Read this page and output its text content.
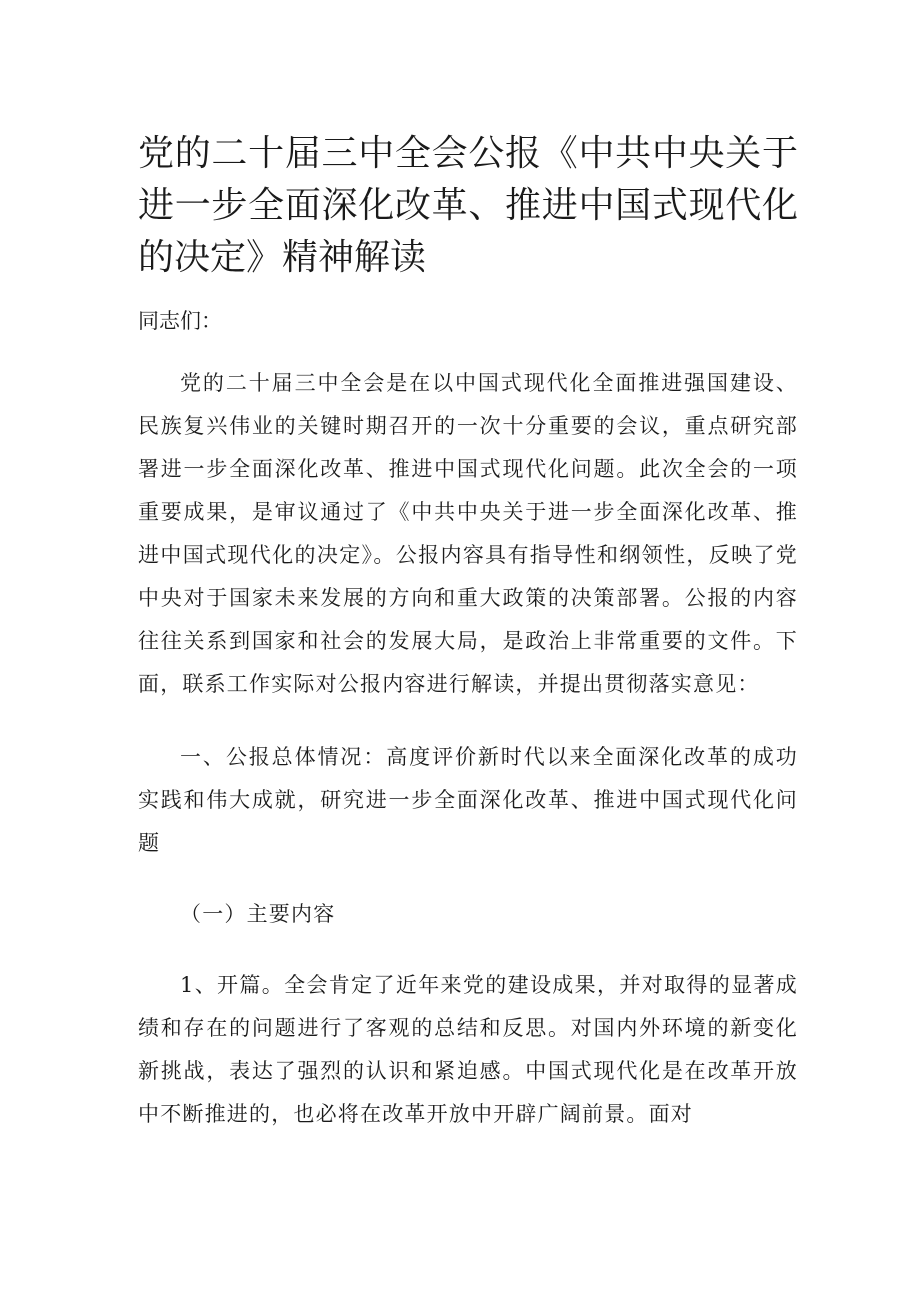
党的二十届三中全会公报《中共中央关于进一步全面深化改革、推进中国式现代化的决定》精神解读

同志们：

党的二十届三中全会是在以中国式现代化全面推进强国建设、民族复兴伟业的关键时期召开的一次十分重要的会议，重点研究部署进一步全面深化改革、推进中国式现代化问题。此次全会的一项重要成果，是审议通过了《中共中央关于进一步全面深化改革、推进中国式现代化的决定》。公报内容具有指导性和纲领性，反映了党中央对于国家未来发展的方向和重大政策的决策部署。公报的内容往往关系到国家和社会的发展大局，是政治上非常重要的文件。下面，联系工作实际对公报内容进行解读，并提出贯彻落实意见：

一、公报总体情况：高度评价新时代以来全面深化改革的成功实践和伟大成就，研究进一步全面深化改革、推进中国式现代化问题

（一）主要内容

1、开篇。全会肯定了近年来党的建设成果，并对取得的显著成绩和存在的问题进行了客观的总结和反思。对国内外环境的新变化新挑战，表达了强烈的认识和紧迫感。中国式现代化是在改革开放中不断推进的，也必将在改革开放中开辟广阔前景。面对
